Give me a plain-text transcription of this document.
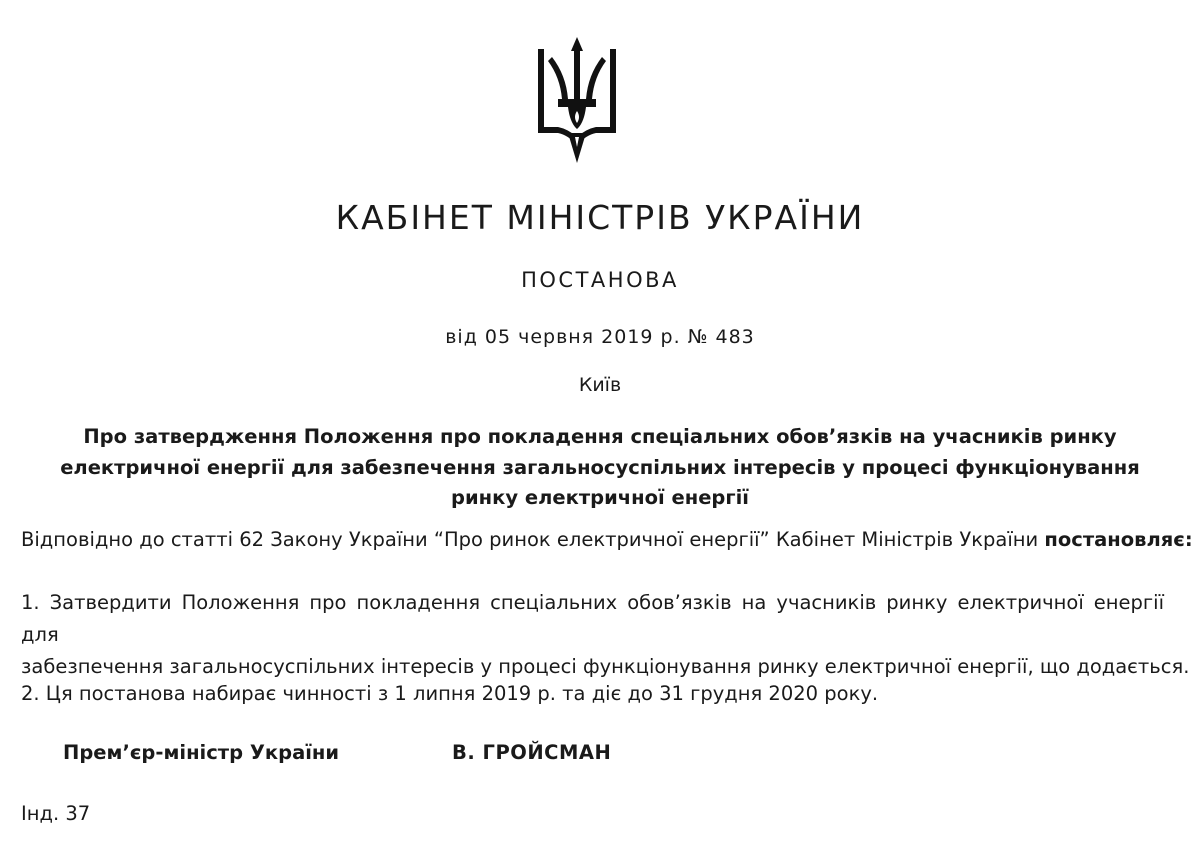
КАБІНЕТ МІНІСТРІВ УКРАЇНИ
ПОСТАНОВА
від 05 червня 2019 р. № 483
Київ
Про затвердження Положення про покладення спеціальних обов’язків на учасників ринку
електричної енергії для забезпечення загальносуспільних інтересів у процесі функціонування
ринку електричної енергії
Відповідно до статті 62 Закону України “Про ринок електричної енергії” Кабінет Міністрів України постановляє:
1. Затвердити Положення про покладення спеціальних обов’язків на учасників ринку електричної енергії для
забезпечення загальносуспільних інтересів у процесі функціонування ринку електричної енергії, що додається.
2. Ця постанова набирає чинності з 1 липня 2019 р. та діє до 31 грудня 2020 року.
Прем’єр-міністр України	В. ГРОЙСМАН
Інд. 37
